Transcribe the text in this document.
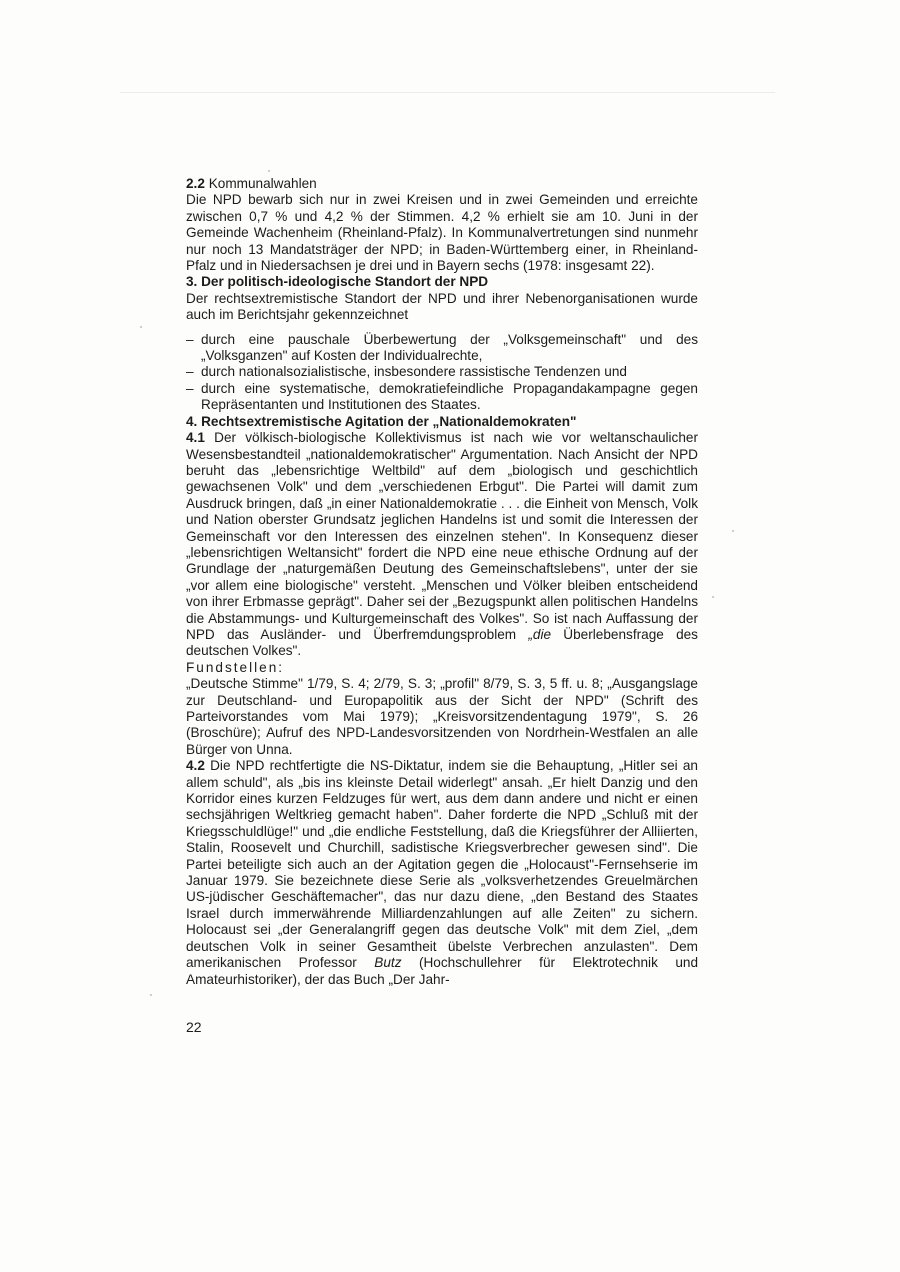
2.2 Kommunalwahlen

Die NPD bewarb sich nur in zwei Kreisen und in zwei Gemeinden und erreichte zwischen 0,7 % und 4,2 % der Stimmen. 4,2 % erhielt sie am 10. Juni in der Gemeinde Wachenheim (Rheinland-Pfalz). In Kommunalvertretungen sind nunmehr nur noch 13 Mandatsträger der NPD; in Baden-Württemberg einer, in Rheinland-Pfalz und in Niedersachsen je drei und in Bayern sechs (1978: insgesamt 22).

3. Der politisch-ideologische Standort der NPD

Der rechtsextremistische Standort der NPD und ihrer Nebenorganisationen wurde auch im Berichtsjahr gekennzeichnet

– durch eine pauschale Überbewertung der „Volksgemeinschaft" und des „Volksganzen" auf Kosten der Individualrechte,
– durch nationalsozialistische, insbesondere rassistische Tendenzen und
– durch eine systematische, demokratiefeindliche Propagandakampagne gegen Repräsentanten und Institutionen des Staates.

4. Rechtsextremistische Agitation der „Nationaldemokraten"

4.1 Der völkisch-biologische Kollektivismus ist nach wie vor weltanschaulicher Wesensbestandteil „nationaldemokratischer" Argumentation. Nach Ansicht der NPD beruht das „lebensrichtige Weltbild" auf dem „biologisch und geschichtlich gewachsenen Volk" und dem „verschiedenen Erbgut". Die Partei will damit zum Ausdruck bringen, daß „in einer Nationaldemokratie . . . die Einheit von Mensch, Volk und Nation oberster Grundsatz jeglichen Handelns ist und somit die Interessen der Gemeinschaft vor den Interessen des einzelnen stehen". In Konsequenz dieser „lebensrichtigen Weltansicht" fordert die NPD eine neue ethische Ordnung auf der Grundlage der „naturgemäßen Deutung des Gemeinschaftslebens", unter der sie „vor allem eine biologische" versteht. „Menschen und Völker bleiben entscheidend von ihrer Erbmasse geprägt". Daher sei der „Bezugspunkt allen politischen Handelns die Abstammungs- und Kulturgemeinschaft des Volkes". So ist nach Auffassung der NPD das Ausländer- und Überfremdungsproblem „die Überlebensfrage des deutschen Volkes".

Fundstellen:

„Deutsche Stimme" 1/79, S. 4; 2/79, S. 3; „profil" 8/79, S. 3, 5 ff. u. 8; „Ausgangslage zur Deutschland- und Europapolitik aus der Sicht der NPD" (Schrift des Parteivorstandes vom Mai 1979); „Kreisvorsitzendentagung 1979", S. 26 (Broschüre); Aufruf des NPD-Landesvorsitzenden von Nordrhein-Westfalen an alle Bürger von Unna.

4.2 Die NPD rechtfertigte die NS-Diktatur, indem sie die Behauptung, „Hitler sei an allem schuld", als „bis ins kleinste Detail widerlegt" ansah. „Er hielt Danzig und den Korridor eines kurzen Feldzuges für wert, aus dem dann andere und nicht er einen sechsjährigen Weltkrieg gemacht haben". Daher forderte die NPD „Schluß mit der Kriegsschuldlüge!" und „die endliche Feststellung, daß die Kriegsführer der Alliierten, Stalin, Roosevelt und Churchill, sadistische Kriegsverbrecher gewesen sind". Die Partei beteiligte sich auch an der Agitation gegen die „Holocaust"-Fernsehserie im Januar 1979. Sie bezeichnete diese Serie als „volksverhetzendes Greuelmärchen US-jüdischer Geschäftemacher", das nur dazu diene, „den Bestand des Staates Israel durch immerwährende Milliardenzahlungen auf alle Zeiten" zu sichern. Holocaust sei „der Generalangriff gegen das deutsche Volk" mit dem Ziel, „dem deutschen Volk in seiner Gesamtheit übelste Verbrechen anzulasten". Dem amerikanischen Professor Butz (Hochschullehrer für Elektrotechnik und Amateurhistoriker), der das Buch „Der Jahr-

22
